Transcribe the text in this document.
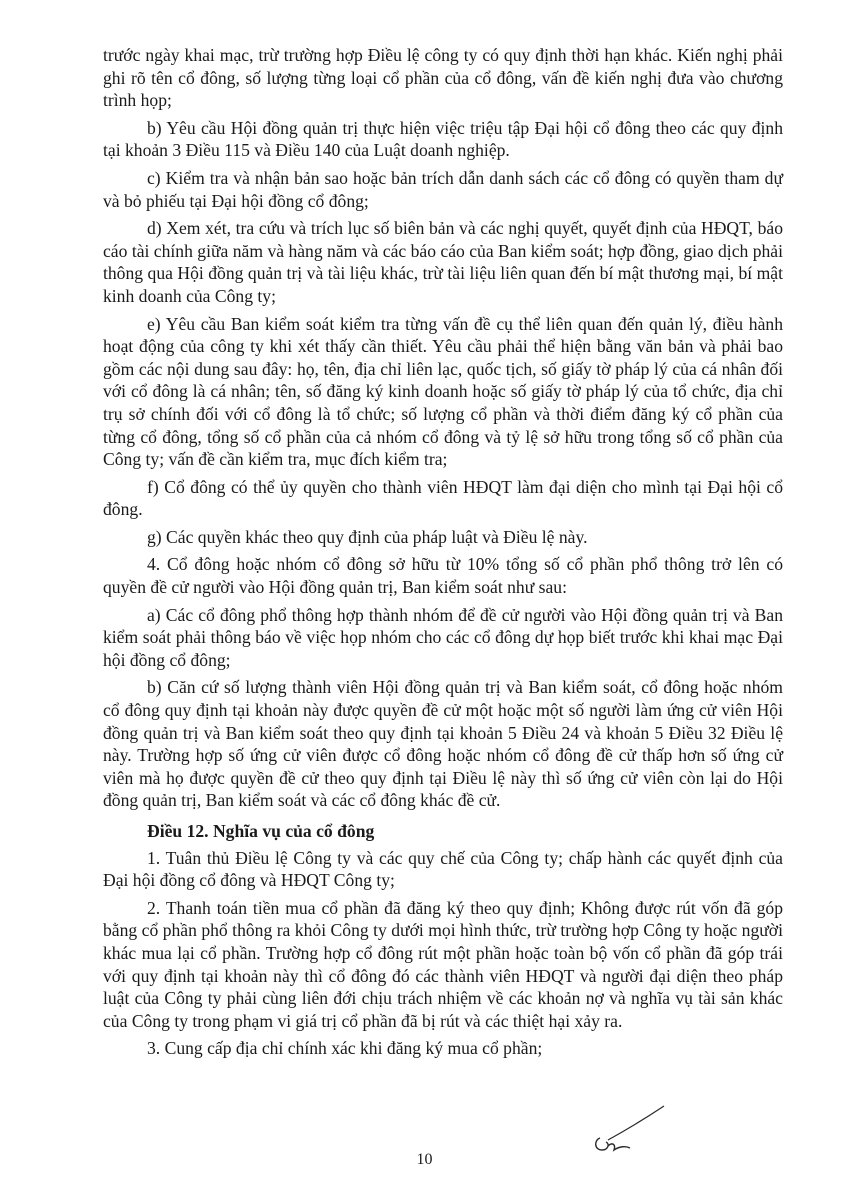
trước ngày khai mạc, trừ trường hợp Điều lệ công ty có quy định thời hạn khác. Kiến nghị phải ghi rõ tên cổ đông, số lượng từng loại cổ phần của cổ đông, vấn đề kiến nghị đưa vào chương trình họp;

b) Yêu cầu Hội đồng quản trị thực hiện việc triệu tập Đại hội cổ đông theo các quy định tại khoản 3 Điều 115 và Điều 140 của Luật doanh nghiệp.

c) Kiểm tra và nhận bản sao hoặc bản trích dẫn danh sách các cổ đông có quyền tham dự và bỏ phiếu tại Đại hội đồng cổ đông;

d) Xem xét, tra cứu và trích lục số biên bản và các nghị quyết, quyết định của HĐQT, báo cáo tài chính giữa năm và hàng năm và các báo cáo của Ban kiểm soát; hợp đồng, giao dịch phải thông qua Hội đồng quản trị và tài liệu khác, trừ tài liệu liên quan đến bí mật thương mại, bí mật kinh doanh của Công ty;

e) Yêu cầu Ban kiểm soát kiểm tra từng vấn đề cụ thể liên quan đến quản lý, điều hành hoạt động của công ty khi xét thấy cần thiết. Yêu cầu phải thể hiện bằng văn bản và phải bao gồm các nội dung sau đây: họ, tên, địa chỉ liên lạc, quốc tịch, số giấy tờ pháp lý của cá nhân đối với cổ đông là cá nhân; tên, số đăng ký kinh doanh hoặc số giấy tờ pháp lý của tổ chức, địa chỉ trụ sở chính đối với cổ đông là tổ chức; số lượng cổ phần và thời điểm đăng ký cổ phần của từng cổ đông, tổng số cổ phần của cả nhóm cổ đông và tỷ lệ sở hữu trong tổng số cổ phần của Công ty; vấn đề cần kiểm tra, mục đích kiểm tra;

f) Cổ đông có thể ủy quyền cho thành viên HĐQT làm đại diện cho mình tại Đại hội cổ đông.

g) Các quyền khác theo quy định của pháp luật và Điều lệ này.

4. Cổ đông hoặc nhóm cổ đông sở hữu từ 10% tổng số cổ phần phổ thông trở lên có quyền đề cử người vào Hội đồng quản trị, Ban kiểm soát như sau:

a) Các cổ đông phổ thông hợp thành nhóm để đề cử người vào Hội đồng quản trị và Ban kiểm soát phải thông báo về việc họp nhóm cho các cổ đông dự họp biết trước khi khai mạc Đại hội đồng cổ đông;

b) Căn cứ số lượng thành viên Hội đồng quản trị và Ban kiểm soát, cổ đông hoặc nhóm cổ đông quy định tại khoản này được quyền đề cử một hoặc một số người làm ứng cử viên Hội đồng quản trị và Ban kiểm soát theo quy định tại khoản 5 Điều 24 và khoản 5 Điều 32 Điều lệ này. Trường hợp số ứng cử viên được cổ đông hoặc nhóm cổ đông đề cử thấp hơn số ứng cử viên mà họ được quyền đề cử theo quy định tại Điều lệ này thì số ứng cử viên còn lại do Hội đồng quản trị, Ban kiểm soát và các cổ đông khác đề cử.

Điều 12. Nghĩa vụ của cổ đông

1. Tuân thủ Điều lệ Công ty và các quy chế của Công ty; chấp hành các quyết định của Đại hội đồng cổ đông và HĐQT Công ty;

2. Thanh toán tiền mua cổ phần đã đăng ký theo quy định; Không được rút vốn đã góp bằng cổ phần phổ thông ra khỏi Công ty dưới mọi hình thức, trừ trường hợp Công ty hoặc người khác mua lại cổ phần. Trường hợp cổ đông rút một phần hoặc toàn bộ vốn cổ phần đã góp trái với quy định tại khoản này thì cổ đông đó các thành viên HĐQT và người đại diện theo pháp luật của Công ty phải cùng liên đới chịu trách nhiệm về các khoản nợ và nghĩa vụ tài sản khác của Công ty trong phạm vi giá trị cổ phần đã bị rút và các thiệt hại xảy ra.

3. Cung cấp địa chỉ chính xác khi đăng ký mua cổ phần;

10
